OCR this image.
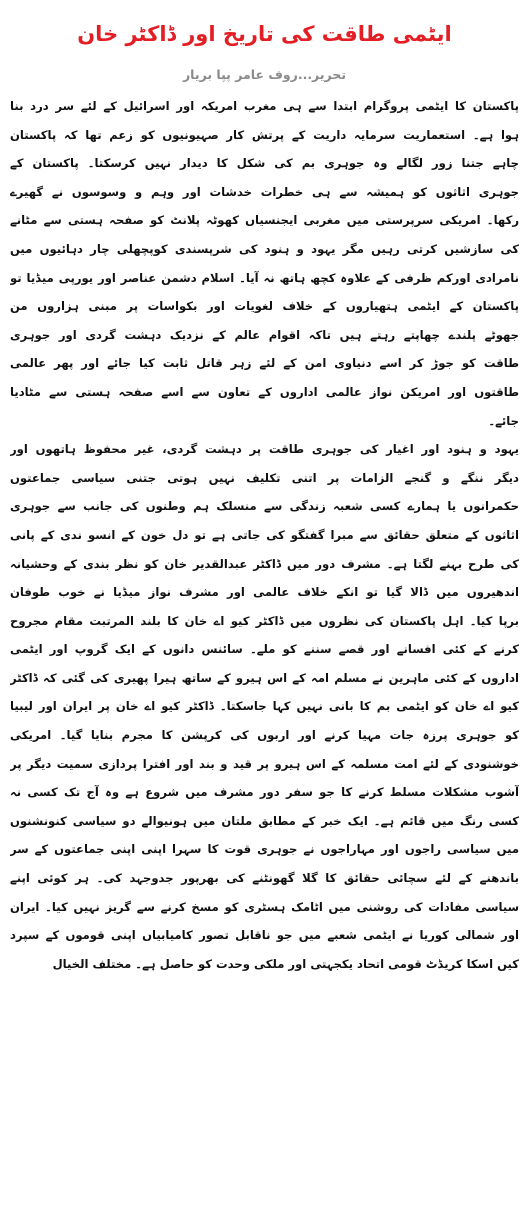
ایٹمی طاقت کی تاریخ اور ڈاکٹر خان
تحریر...روف عامر پپا بریار
پاکستان کا ایٹمی پروگرام ابتدا سے ہی مغرب امریکہ اور اسرائیل کے لئے سر درد بنا
ہوا ہے۔ استعماریت سرمایہ داریت کے پرتش کار صہیونیوں کو زعم تھا کہ پاکستان
چاہے جتنا زور لگالے وہ جوہری بم کی شکل کا دیدار نہیں کرسکتا۔ پاکستان کے
جوہری اثاثوں کو ہمیشہ سے ہی خطرات خدشات اور وہم و وسوسوں نے گھیرے
رکھا۔ امریکی سرپرستی میں مغربی ایجنسیاں کھوٹہ پلانٹ کو صفحہ ہستی سے مٹانے
کی سازشیں کرتی رہیں مگر یہود و ہنود کی شرپسندی کوپچھلی چار دہائیوں میں
نامرادی اورکم ظرفی کے علاوہ کچھ ہاتھ نہ آیا۔ اسلام دشمن عناصر اور یورپی میڈیا تو
پاکستان کے ایٹمی ہتھیاروں کے خلاف لغویات اور بکواسات پر مبنی ہزاروں من
جھوٹے پلندے چھاپتے رہتے ہیں تاکہ اقوام عالم کے نزدیک دہشت گردی اور جوہری
طاقت کو جوڑ کر اسے دنیاوی امن کے لئے زہر قاتل ثابت کیا جائے اور پھر عالمی
طاقتوں اور امریکن نواز عالمی اداروں کے تعاون سے اسے صفحہ ہستی سے مٹادیا
جائے۔
یہود و ہنود اور اغیار کی جوہری طاقت پر دہشت گردی، غیر محفوظ ہاتھوں اور
دیگر ننگے و گنجے الزامات پر اتنی تکلیف نہیں ہوتی جتنی سیاسی جماعتوں
حکمرانوں یا ہمارے کسی شعبہ زندگی سے منسلک ہم وطنوں کی جانب سے جوہری
اثاثوں کے متعلق حقائق سے مبرا گفتگو کی جاتی ہے تو دل خون کے انسو ندی کے پانی
کی طرح بہنے لگتا ہے۔ مشرف دور میں ڈاکٹر عبدالقدیر خان کو نظر بندی کے وحشیانہ
اندھیروں میں ڈالا گیا تو انکے خلاف عالمی اور مشرف نواز میڈیا نے خوب طوفان
برپا کیا۔ اہل پاکستان کی نظروں میں ڈاکٹر کیو اے خان کا بلند المرتبت مقام مجروح
کرنے کے کئی افسانے اور قصے سننے کو ملے۔ سائنس دانوں کے ایک گروپ اور ایٹمی
اداروں کے کئی ماہرین نے مسلم امہ کے اس ہیرو کے ساتھ ہیرا پھیری کی گئی کہ ڈاکٹر
کیو اے خان کو ایٹمی بم کا بانی نہیں کہا جاسکتا۔ ڈاکٹر کیو اے خان پر ایران اور لیبیا
کو جوہری پرزہ جات مہیا کرنے اور اربوں کی کرپشن کا مجرم بنایا گیا۔ امریکی
خوشنودی کے لئے امت مسلمہ کے اس ہیرو پر قید و بند اور افترا پردازی سمیت دیگر پر
آشوب مشکلات مسلط کرنے کا جو سفر دور مشرف میں شروع ہے وہ آج تک کسی نہ
کسی رنگ میں قائم ہے۔ ایک خبر کے مطابق ملتان میں ہونیوالے دو سیاسی کنونشنوں
میں سیاسی راجوں اور مہاراجوں نے جوہری قوت کا سہرا اپنی اپنی جماعتوں کے سر
باندھنے کے لئے سچائی حقائق کا گلا گھونٹنے کی بھرپور جدوجہد کی۔ ہر کوئی اپنے
سیاسی مفادات کی روشنی میں اٹامک ہسٹری کو مسخ کرنے سے گریز نہیں کیا۔ ایران
اور شمالی کوریا نے ایٹمی شعبے میں جو ناقابل تصور کامیابیاں اپنی قوموں کے سپرد
کیں اسکا کریڈٹ قومی اتحاد یکجہتی اور ملکی وحدت کو حاصل ہے۔ مختلف الخیال
